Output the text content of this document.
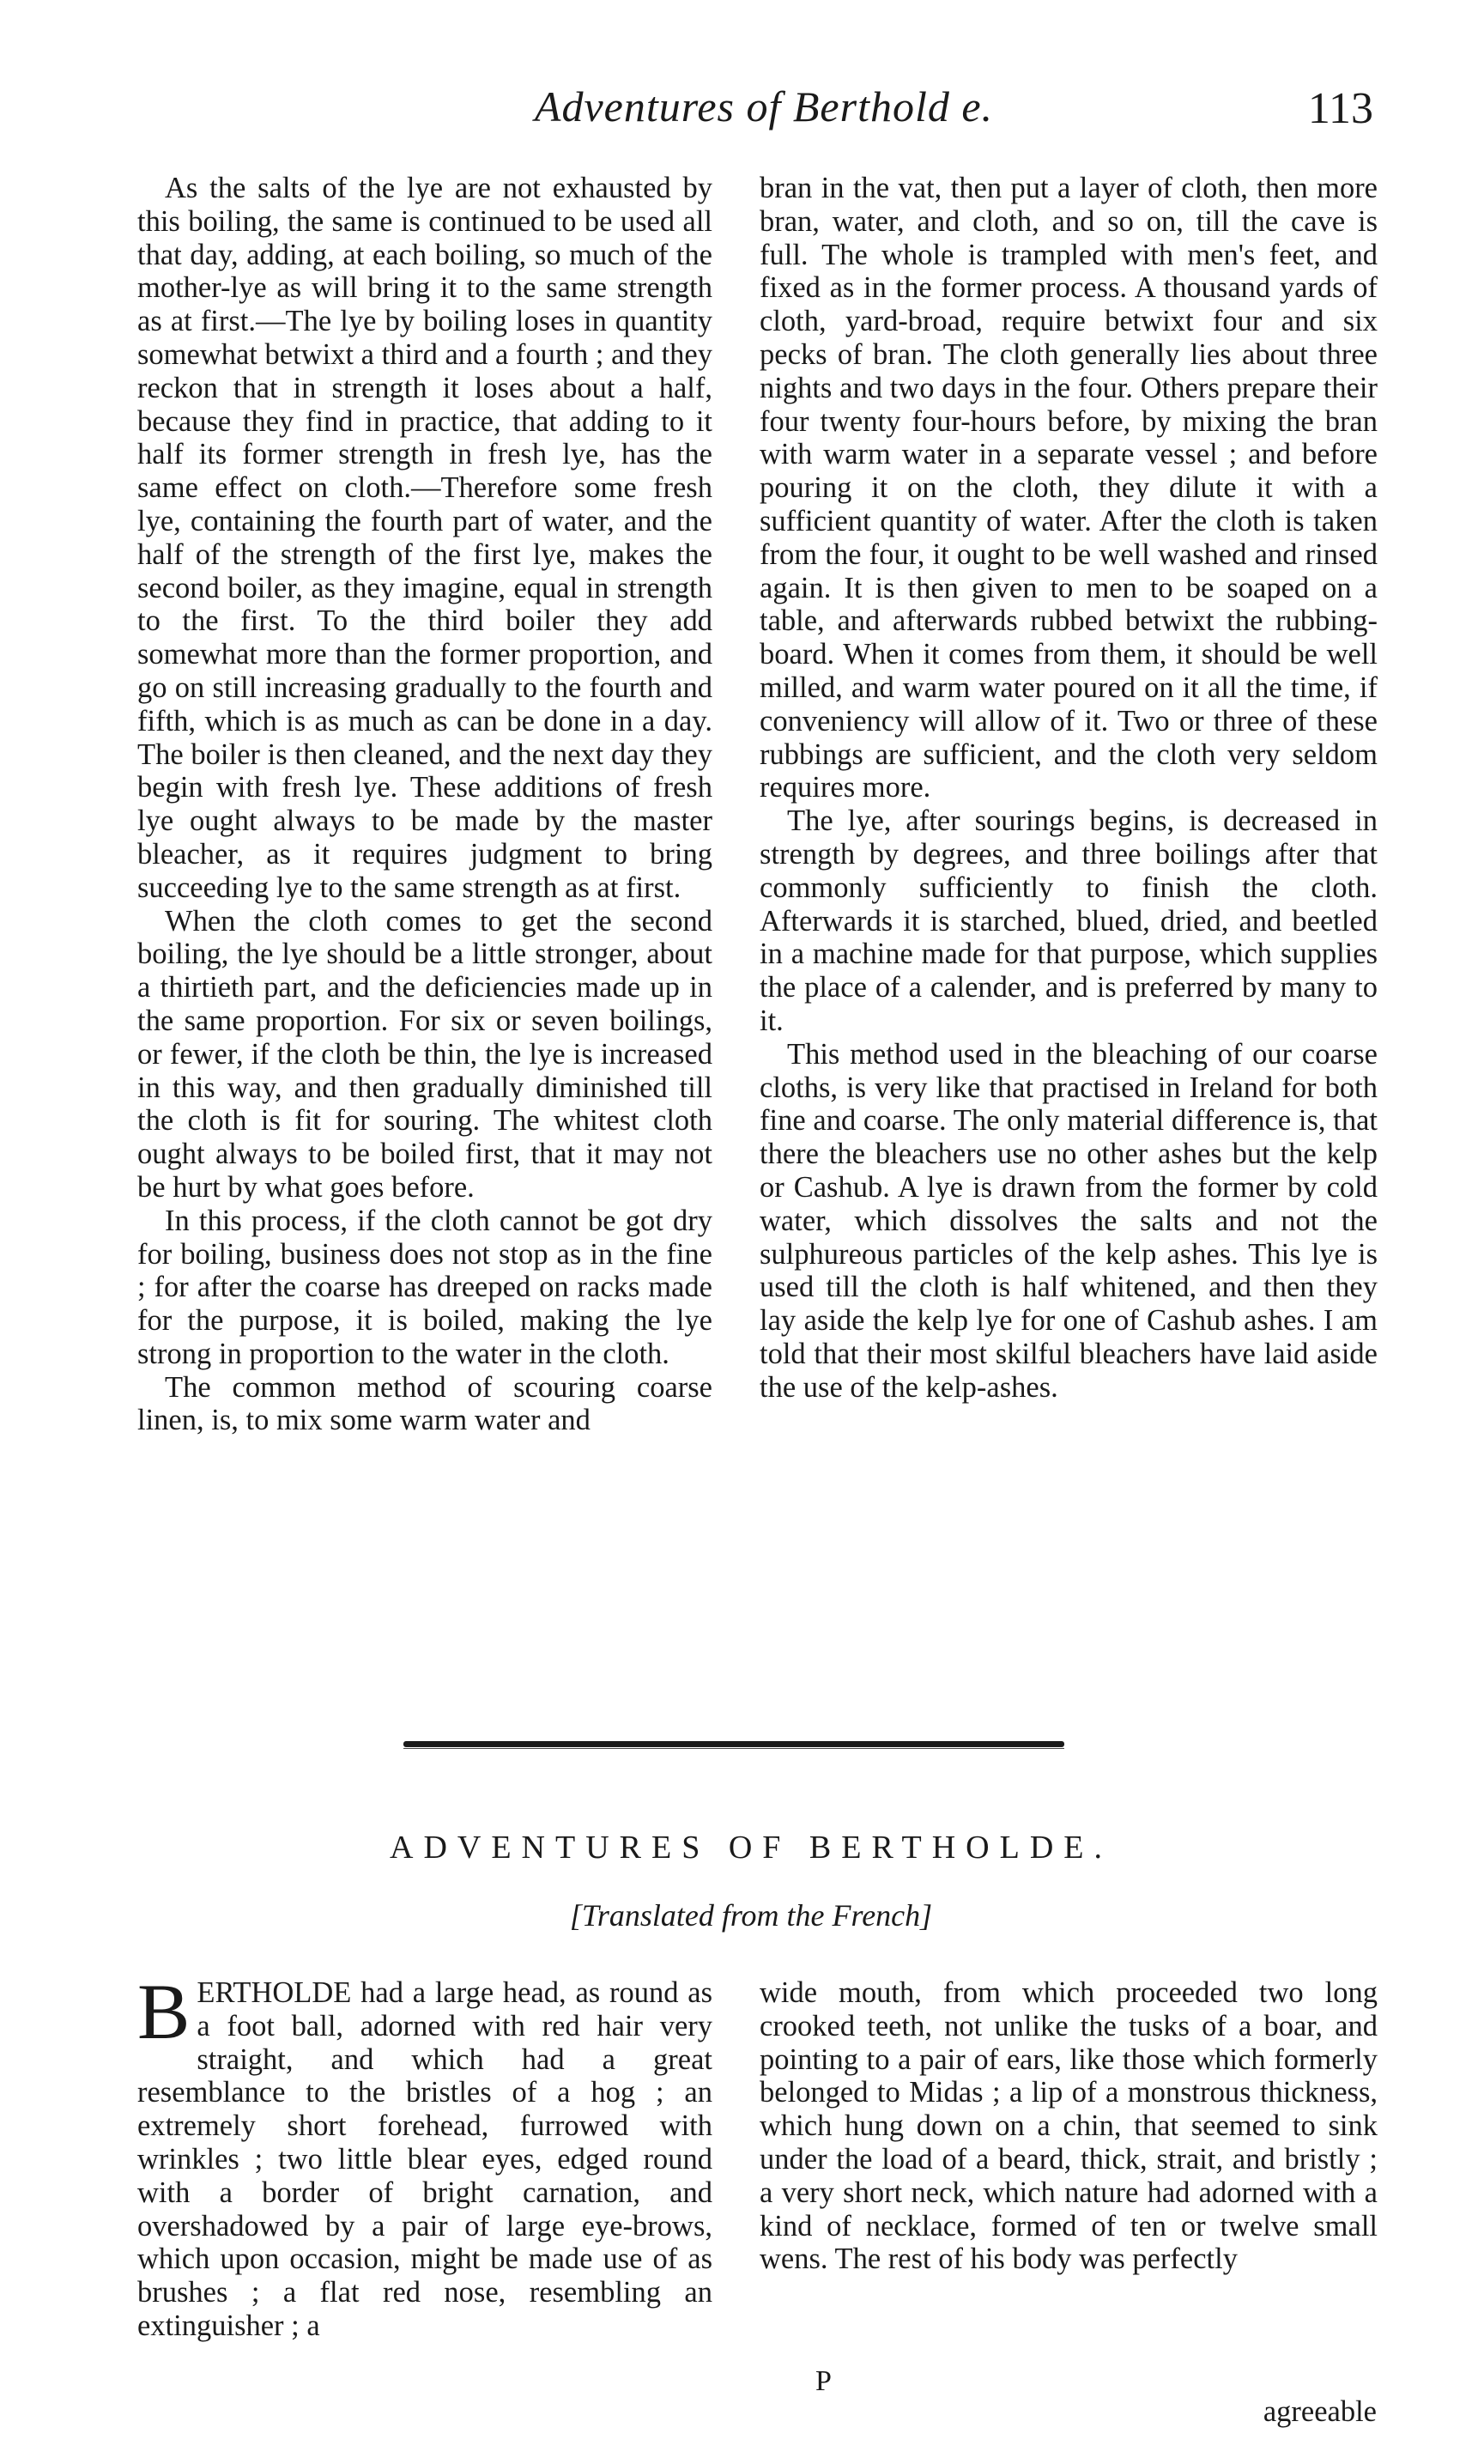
Adventures of Berthold e.	113

As the salts of the lye are not exhausted by this boiling, the same is continued to be used all that day, adding, at each boiling, so much of the mother-lye as will bring it to the same strength as at first.—The lye by boiling loses in quantity somewhat betwixt a third and a fourth ; and they reckon that in strength it loses about a half, because they find in practice, that adding to it half its former strength in fresh lye, has the same effect on cloth.—Therefore some fresh lye, containing the fourth part of water, and the half of the strength of the first lye, makes the second boiler, as they imagine, equal in strength to the first. To the third boiler they add somewhat more than the former proportion, and go on still increasing gradually to the fourth and fifth, which is as much as can be done in a day. The boiler is then cleaned, and the next day they begin with fresh lye. These additions of fresh lye ought always to be made by the master bleacher, as it requires judgment to bring succeeding lye to the same strength as at first.

When the cloth comes to get the second boiling, the lye should be a little stronger, about a thirtieth part, and the deficiencies made up in the same proportion. For six or seven boilings, or fewer, if the cloth be thin, the lye is increased in this way, and then gradually diminished till the cloth is fit for souring. The whitest cloth ought always to be boiled first, that it may not be hurt by what goes before.

In this process, if the cloth cannot be got dry for boiling, business does not stop as in the fine ; for after the coarse has dreeped on racks made for the purpose, it is boiled, making the lye strong in proportion to the water in the cloth.

The common method of scouring coarse linen, is, to mix some warm water and

bran in the vat, then put a layer of cloth, then more bran, water, and cloth, and so on, till the cave is full. The whole is trampled with men's feet, and fixed as in the former process. A thousand yards of cloth, yard-broad, require betwixt four and six pecks of bran. The cloth generally lies about three nights and two days in the four. Others prepare their four twenty four-hours before, by mixing the bran with warm water in a separate vessel ; and before pouring it on the cloth, they dilute it with a sufficient quantity of water. After the cloth is taken from the four, it ought to be well washed and rinsed again. It is then given to men to be soaped on a table, and afterwards rubbed betwixt the rubbing-board. When it comes from them, it should be well milled, and warm water poured on it all the time, if conveniency will allow of it. Two or three of these rubbings are sufficient, and the cloth very seldom requires more.

The lye, after sourings begins, is decreased in strength by degrees, and three boilings after that commonly sufficiently to finish the cloth. Afterwards it is starched, blued, dried, and beetled in a machine made for that purpose, which supplies the place of a calender, and is preferred by many to it.

This method used in the bleaching of our coarse cloths, is very like that practised in Ireland for both fine and coarse. The only material difference is, that there the bleachers use no other ashes but the kelp or Cashub. A lye is drawn from the former by cold water, which dissolves the salts and not the sulphureous particles of the kelp ashes. This lye is used till the cloth is half whitened, and then they lay aside the kelp lye for one of Cashub ashes. I am told that their most skilful bleachers have laid aside the use of the kelp-ashes.

ADVENTURES OF BERTHOLDE.
[Translated from the French]
B ERTHOLDE had a large head, as round as a foot ball, adorned with red hair very straight, and which had a great resemblance to the bristles of a hog ; an extremely short forehead, furrowed with wrinkles ; two little blear eyes, edged round with a border of bright carnation, and overshadowed by a pair of large eye-brows, which upon occasion, might be made use of as brushes ; a flat red nose, resembling an extinguisher ; a

wide mouth, from which proceeded two long crooked teeth, not unlike the tusks of a boar, and pointing to a pair of ears, like those which formerly belonged to Midas ; a lip of a monstrous thickness, which hung down on a chin, that seemed to sink under the load of a beard, thick, strait, and bristly ; a very short neck, which nature had adorned with a kind of necklace, formed of ten or twelve small wens. The rest of his body was perfectly

P
agreeable
